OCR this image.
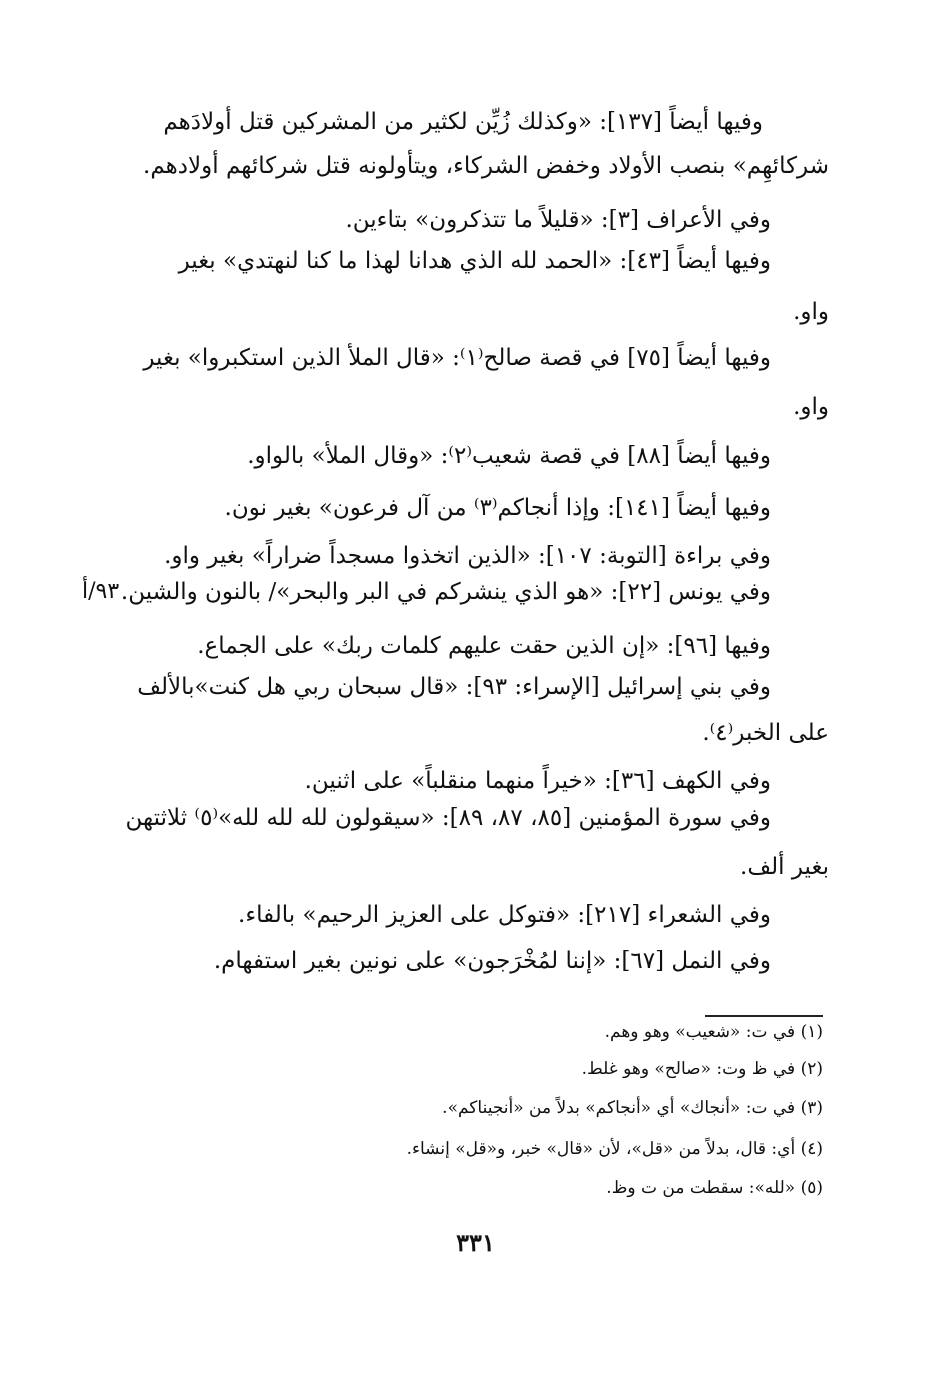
وفيها أيضاً [١٣٧]: «وكذلك زُيِّن لكثير من المشركين قتل أولادَهم
شركائهِم» بنصب الأولاد وخفض الشركاء، ويتأولونه قتل شركائهم أولادهم.
وفي الأعراف [٣]: «قليلاً ما تتذكرون» بتاءين.
وفيها أيضاً [٤٣]: «الحمد لله الذي هدانا لهذا ما كنا لنهتدي» بغير
واو.
وفيها أيضاً [٧٥] في قصة صالح⁽١⁾: «قال الملأ الذين استكبروا» بغير
واو.
وفيها أيضاً [٨٨] في قصة شعيب⁽٢⁾: «وقال الملأ» بالواو.
وفيها أيضاً [١٤١]: وإذا أنجاكم⁽٣⁾ من آل فرعون» بغير نون.
وفي براءة [التوبة: ١٠٧]: «الذين اتخذوا مسجداً ضراراً» بغير واو.
وفي يونس [٢٢]: «هو الذي ينشركم في البر والبحر»/ بالنون والشين.
٩٣/أ
وفيها [٩٦]: «إن الذين حقت عليهم كلمات ربك» على الجماع.
وفي بني إسرائيل [الإسراء: ٩٣]: «قال سبحان ربي هل كنت»بالألف
على الخبر⁽٤⁾.
وفي الكهف [٣٦]: «خيراً منهما منقلباً» على اثنين.
وفي سورة المؤمنين [٨٥، ٨٧، ٨٩]: «سيقولون لله لله لله»⁽٥⁾ ثلاثتهن
بغير ألف.
وفي الشعراء [٢١٧]: «فتوكل على العزيز الرحيم» بالفاء.
وفي النمل [٦٧]: «إننا لمُخْرَجون» على نونين بغير استفهام.
(١) في ت: «شعيب» وهو وهم.
(٢) في ظ وت: «صالح» وهو غلط.
(٣) في ت: «أنجاك» أي «أنجاكم» بدلاً من «أنجيناكم».
(٤) أي: قال، بدلاً من «قل»، لأن «قال» خبر، و«قل» إنشاء.
(٥) «لله»: سقطت من ت وظ.
٣٣١
